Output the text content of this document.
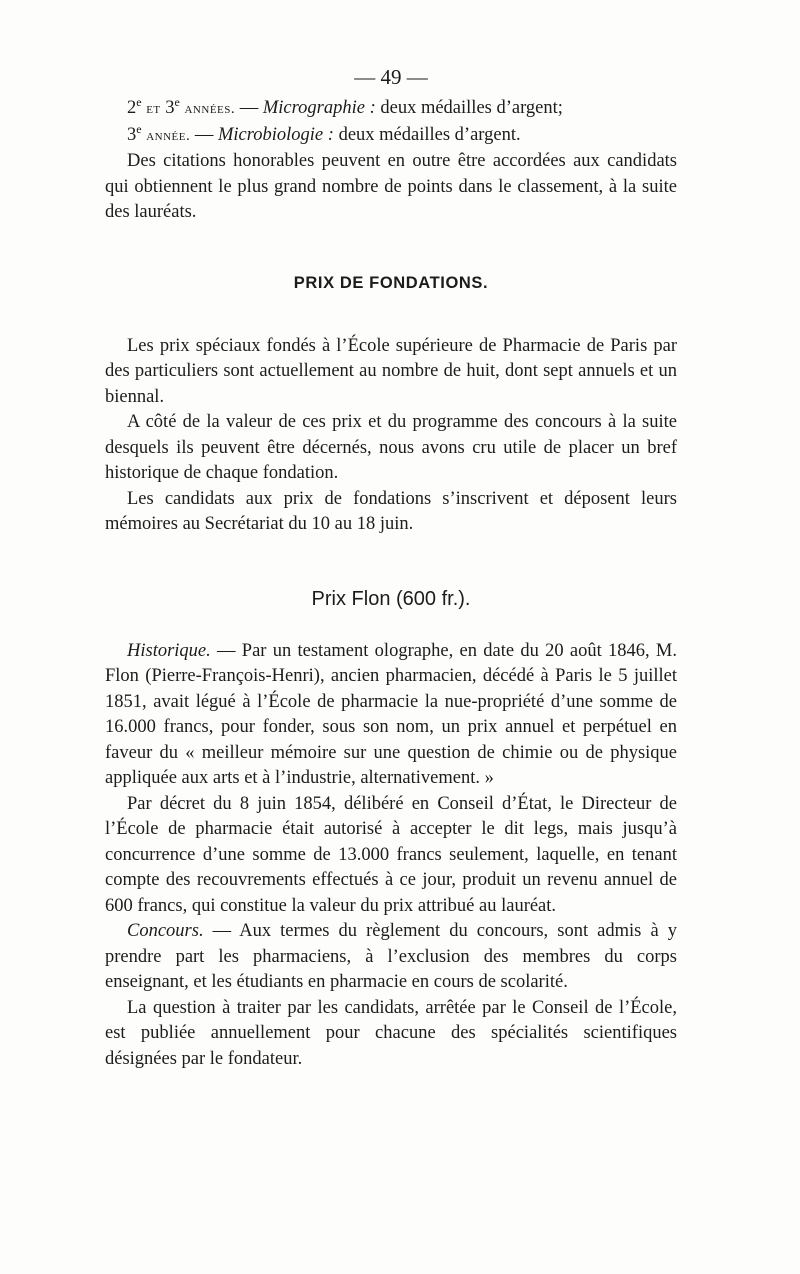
— 49 —

2e et 3e années. — Micrographie : deux médailles d’argent;

3e année. — Microbiologie : deux médailles d’argent.

Des citations honorables peuvent en outre être accordées aux candidats qui obtiennent le plus grand nombre de points dans le classement, à la suite des lauréats.

PRIX DE FONDATIONS.

Les prix spéciaux fondés à l’École supérieure de Pharmacie de Paris par des particuliers sont actuellement au nombre de huit, dont sept annuels et un biennal.

A côté de la valeur de ces prix et du programme des concours à la suite desquels ils peuvent être décernés, nous avons cru utile de placer un bref historique de chaque fondation.

Les candidats aux prix de fondations s’inscrivent et déposent leurs mémoires au Secrétariat du 10 au 18 juin.

Prix Flon (600 fr.).

Historique. — Par un testament olographe, en date du 20 août 1846, M. Flon (Pierre-François-Henri), ancien pharmacien, décédé à Paris le 5 juillet 1851, avait légué à l’École de pharmacie la nue-propriété d’une somme de 16.000 francs, pour fonder, sous son nom, un prix annuel et perpétuel en faveur du « meilleur mémoire sur une question de chimie ou de physique appliquée aux arts et à l’industrie, alternativement. »

Par décret du 8 juin 1854, délibéré en Conseil d’État, le Directeur de l’École de pharmacie était autorisé à accepter le dit legs, mais jusqu’à concurrence d’une somme de 13.000 francs seulement, laquelle, en tenant compte des recouvrements effectués à ce jour, produit un revenu annuel de 600 francs, qui constitue la valeur du prix attribué au lauréat.

Concours. — Aux termes du règlement du concours, sont admis à y prendre part les pharmaciens, à l’exclusion des membres du corps enseignant, et les étudiants en pharmacie en cours de scolarité.

La question à traiter par les candidats, arrêtée par le Conseil de l’École, est publiée annuellement pour chacune des spécialités scientifiques désignées par le fondateur.
